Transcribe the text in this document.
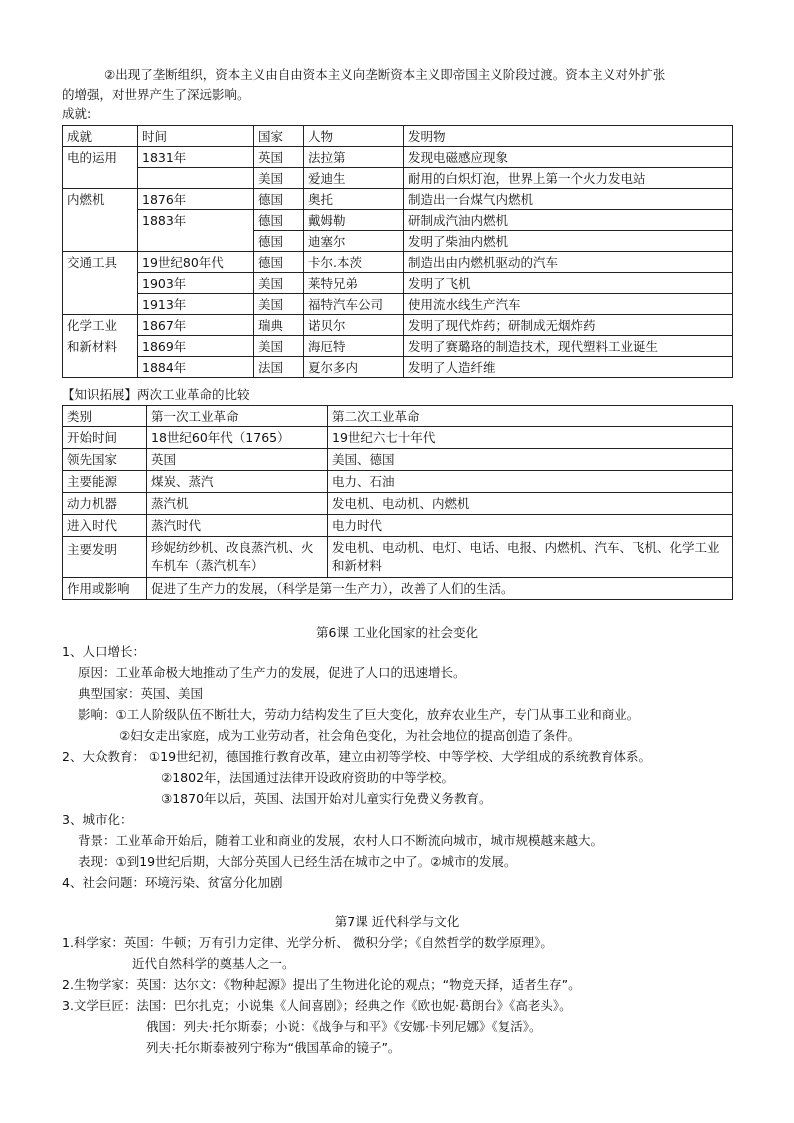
②出现了垄断组织，资本主义由自由资本主义向垄断资本主义即帝国主义阶段过渡。资本主义对外扩张
的增强，对世界产生了深远影响。
成就:
成就	时间	国家	人物	发明物
电的运用	1831年	英国	法拉第	发现电磁感应现象
		美国	爱迪生	耐用的白炽灯泡，世界上第一个火力发电站
内燃机	1876年	德国	奥托	制造出一台煤气内燃机
	1883年	德国	戴姆勒	研制成汽油内燃机
		德国	迪塞尔	发明了柴油内燃机
交通工具	19世纪80年代	德国	卡尔.本茨	制造出由内燃机驱动的汽车
	1903年	美国	莱特兄弟	发明了飞机
	1913年	美国	福特汽车公司	使用流水线生产汽车
化学工业	1867年	瑞典	诺贝尔	发明了现代炸药；研制成无烟炸药
和新材料	1869年	美国	海厄特	发明了赛璐珞的制造技术，现代塑料工业诞生
	1884年	法国	夏尔多内	发明了人造纤维
【知识拓展】两次工业革命的比较
类别	第一次工业革命	第二次工业革命
开始时间	18世纪60年代（1765）	19世纪六七十年代
领先国家	英国	美国、德国
主要能源	煤炭、蒸汽	电力、石油
动力机器	蒸汽机	发电机、电动机、内燃机
进入时代	蒸汽时代	电力时代
主要发明	珍妮纺纱机、改良蒸汽机、火车机车（蒸汽机车）	发电机、电动机、电灯、电话、电报、内燃机、汽车、飞机、化学工业和新材料
作用或影响	促进了生产力的发展，（科学是第一生产力），改善了人们的生活。	
第6课 工业化国家的社会变化
1、人口增长：
原因：工业革命极大地推动了生产力的发展，促进了人口的迅速增长。
典型国家：英国、美国
影响：①工人阶级队伍不断壮大，劳动力结构发生了巨大变化，放弃农业生产，专门从事工业和商业。
②妇女走出家庭，成为工业劳动者，社会角色变化，为社会地位的提高创造了条件。
2、大众教育： ①19世纪初，德国推行教育改革，建立由初等学校、中等学校、大学组成的系统教育体系。
②1802年，法国通过法律开设政府资助的中等学校。
③1870年以后，英国、法国开始对儿童实行免费义务教育。
3、城市化：
背景：工业革命开始后，随着工业和商业的发展，农村人口不断流向城市，城市规模越来越大。
表现：①到19世纪后期，大部分英国人已经生活在城市之中了。②城市的发展。
4、社会问题：环境污染、贫富分化加剧
第7课 近代科学与文化
1.科学家：英国：牛顿；万有引力定律、光学分析、 微积分学；《自然哲学的数学原理》。
近代自然科学的奠基人之一。
2.生物学家：英国：达尔文：《物种起源》提出了生物进化论的观点；“物竞天择，适者生存”。
3.文学巨匠：法国：巴尔扎克；小说集《人间喜剧》；经典之作《欧也妮·葛朗台》《高老头》。
俄国：列夫·托尔斯泰；小说：《战争与和平》《安娜·卡列尼娜》《复活》。
列夫·托尔斯泰被列宁称为“俄国革命的镜子”。
